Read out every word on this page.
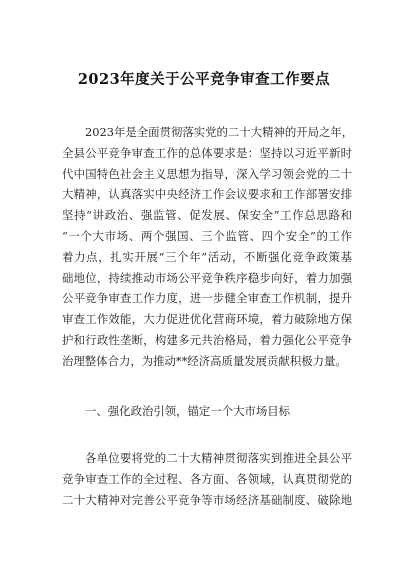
2023年度关于公平竞争审查工作要点
2023年是全面贯彻落实党的二十大精神的开局之年，
全县公平竞争审查工作的总体要求是：坚持以习近平新时
代中国特色社会主义思想为指导，深入学习领会党的二十
大精神，认真落实中央经济工作会议要求和工作部署安排
坚持“讲政治、强监管、促发展、保安全”工作总思路和
“一个大市场、两个强国、三个监管、四个安全”的工作
着力点，扎实开展“三个年”活动，不断强化竞争政策基
础地位，持续推动市场公平竞争秩序稳步向好，着力加强
公平竞争审查工作力度，进一步健全审查工作机制，提升
审查工作效能，大力促进优化营商环境，着力破除地方保
护和行政性垄断，构建多元共治格局，着力强化公平竞争
治理整体合力，为推动**经济高质量发展贡献积极力量。
一、强化政治引领，锚定一个大市场目标
各单位要将党的二十大精神贯彻落实到推进全县公平
竞争审查工作的全过程、各方面、各领域，认真贯彻党的
二十大精神对完善公平竞争等市场经济基础制度、破除地
